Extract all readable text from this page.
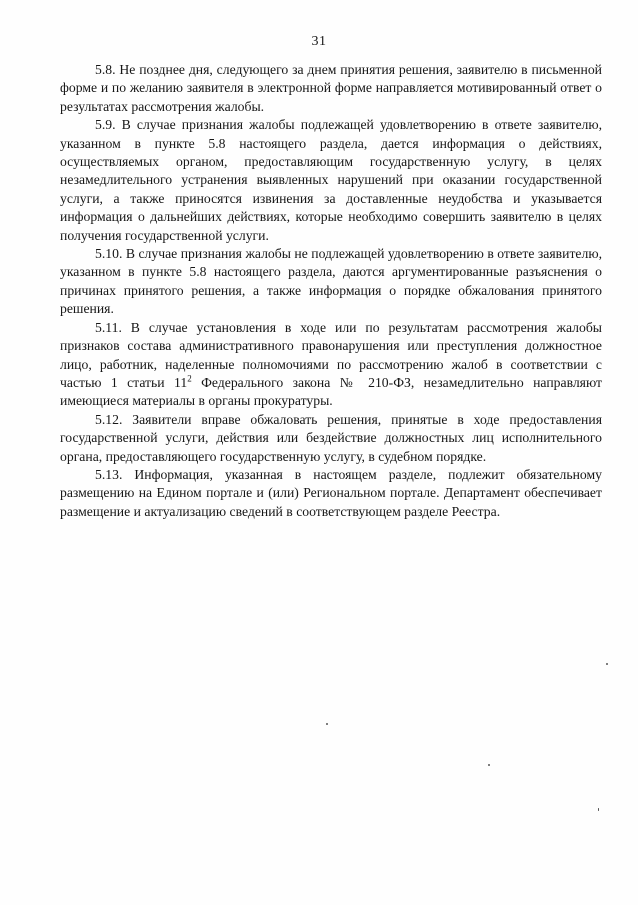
31

5.8. Не позднее дня, следующего за днем принятия решения, заявителю в письменной форме и по желанию заявителя в электронной форме направляется мотивированный ответ о результатах рассмотрения жалобы.

5.9. В случае признания жалобы подлежащей удовлетворению в ответе заявителю, указанном в пункте 5.8 настоящего раздела, дается информация о действиях, осуществляемых органом, предоставляющим государственную услугу, в целях незамедлительного устранения выявленных нарушений при оказании государственной услуги, а также приносятся извинения за доставленные неудобства и указывается информация о дальнейших действиях, которые необходимо совершить заявителю в целях получения государственной услуги.

5.10. В случае признания жалобы не подлежащей удовлетворению в ответе заявителю, указанном в пункте 5.8 настоящего раздела, даются аргументированные разъяснения о причинах принятого решения, а также информация о порядке обжалования принятого решения.

5.11. В случае установления в ходе или по результатам рассмотрения жалобы признаков состава административного правонарушения или преступления должностное лицо, работник, наделенные полномочиями по рассмотрению жалоб в соответствии с частью 1 статьи $11^2$ Федерального закона № 210-ФЗ, незамедлительно направляют имеющиеся материалы в органы прокуратуры.

5.12. Заявители вправе обжаловать решения, принятые в ходе предоставления государственной услуги, действия или бездействие должностных лиц исполнительного органа, предоставляющего государственную услугу, в судебном порядке.

5.13. Информация, указанная в настоящем разделе, подлежит обязательному размещению на Едином портале и (или) Региональном портале. Департамент обеспечивает размещение и актуализацию сведений в соответствующем разделе Реестра.
